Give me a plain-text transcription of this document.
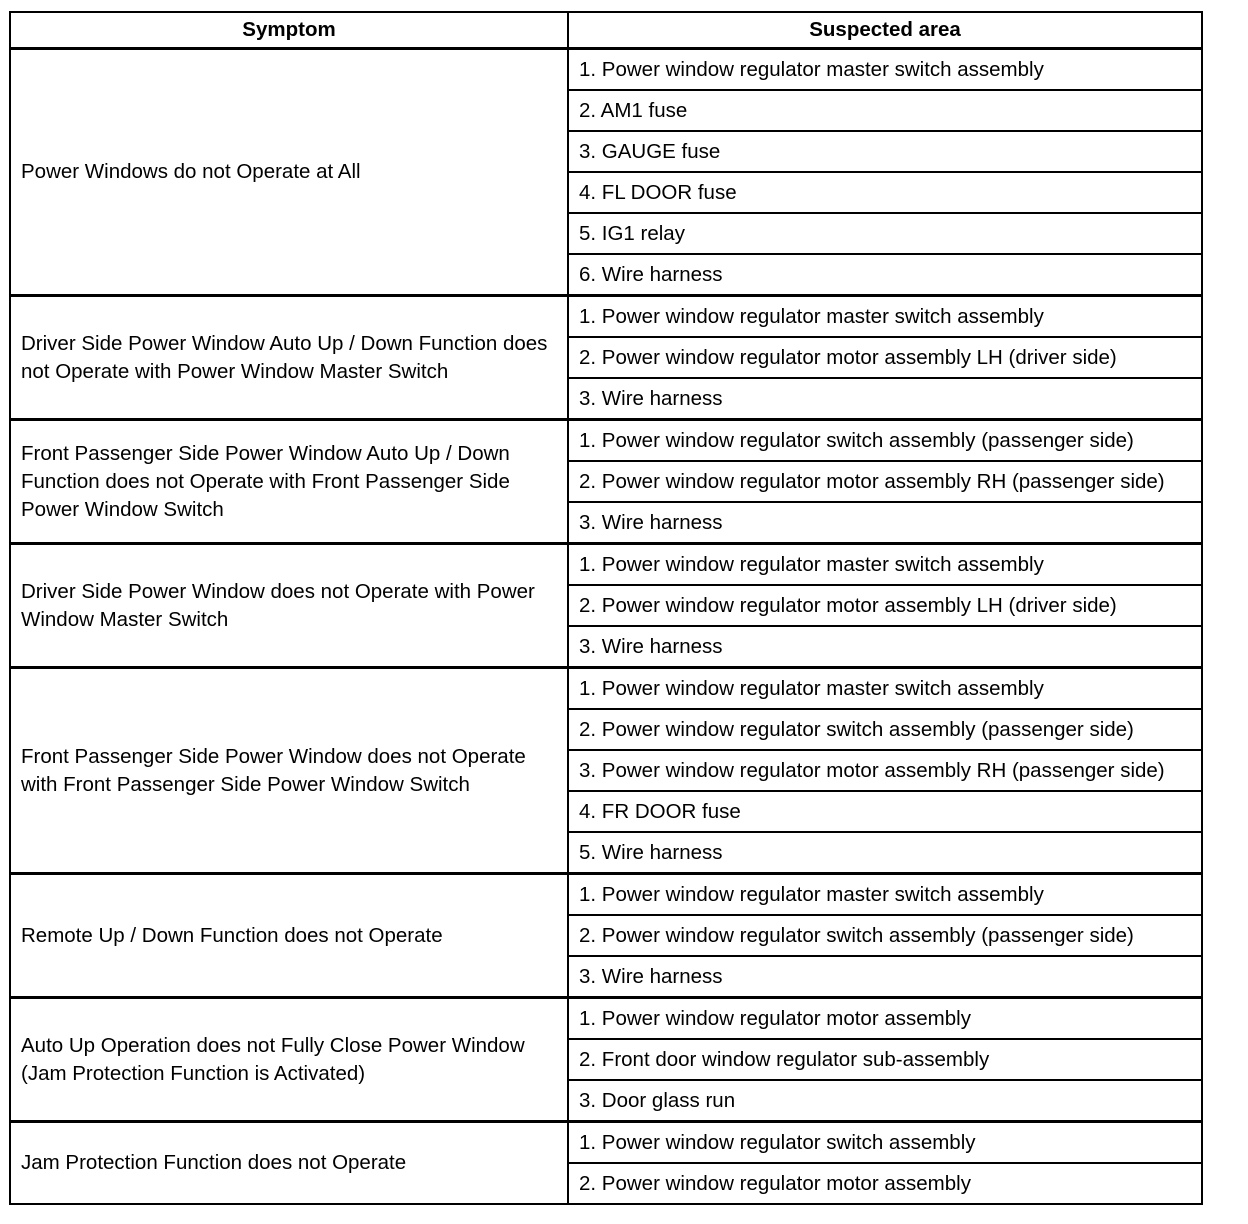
Symptom	Suspected area
Power Windows do not Operate at All	1. Power window regulator master switch assembly
	2. AM1 fuse
	3. GAUGE fuse
	4. FL DOOR fuse
	5. IG1 relay
	6. Wire harness
Driver Side Power Window Auto Up / Down Function does not Operate with Power Window Master Switch	1. Power window regulator master switch assembly
	2. Power window regulator motor assembly LH (driver side)
	3. Wire harness
Front Passenger Side Power Window Auto Up / Down Function does not Operate with Front Passenger Side Power Window Switch	1. Power window regulator switch assembly (passenger side)
	2. Power window regulator motor assembly RH (passenger side)
	3. Wire harness
Driver Side Power Window does not Operate with Power Window Master Switch	1. Power window regulator master switch assembly
	2. Power window regulator motor assembly LH (driver side)
	3. Wire harness
Front Passenger Side Power Window does not Operate with Front Passenger Side Power Window Switch	1. Power window regulator master switch assembly
	2. Power window regulator switch assembly (passenger side)
	3. Power window regulator motor assembly RH (passenger side)
	4. FR DOOR fuse
	5. Wire harness
Remote Up / Down Function does not Operate	1. Power window regulator master switch assembly
	2. Power window regulator switch assembly (passenger side)
	3. Wire harness
Auto Up Operation does not Fully Close Power Window (Jam Protection Function is Activated)	1. Power window regulator motor assembly
	2. Front door window regulator sub-assembly
	3. Door glass run
Jam Protection Function does not Operate	1. Power window regulator switch assembly
	2. Power window regulator motor assembly
